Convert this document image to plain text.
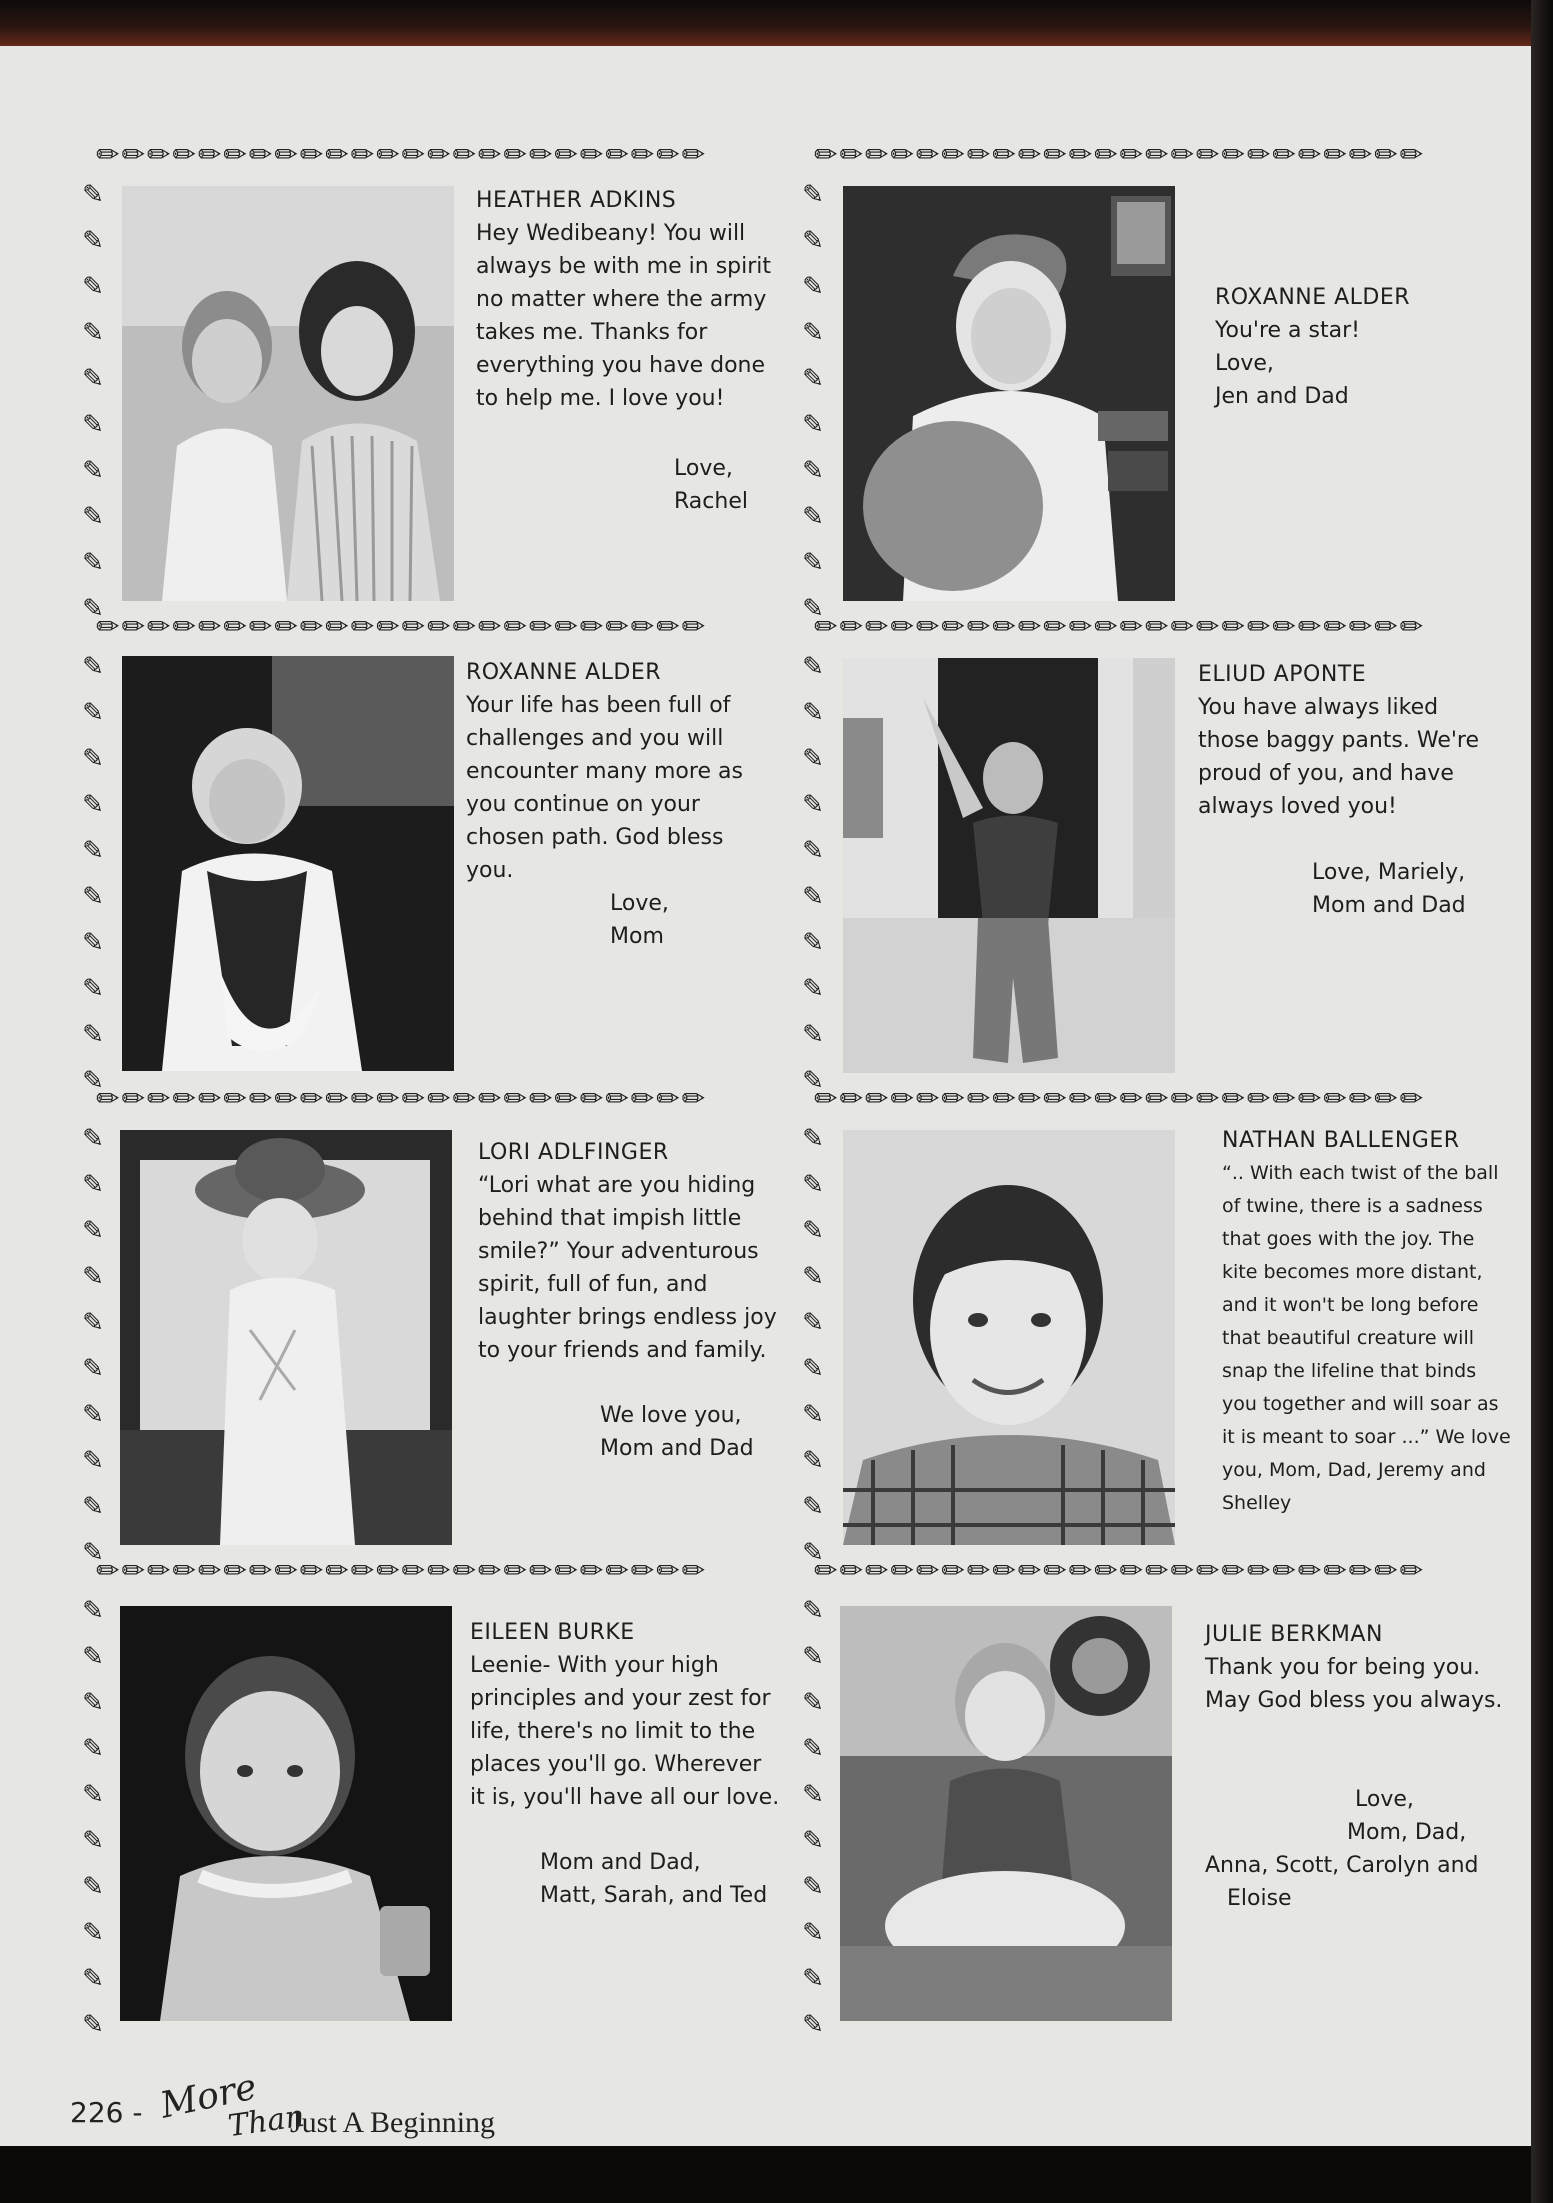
✏✏✏✏✏✏✏✏✏✏✏✏✏✏✏✏✏✏✏✏✏✏✏✏
✎
✎
✎
✎
✎
✎
✎
✎
✎
✎
HEATHER ADKINS
Hey Wedibeany! You will
always be with me in spirit
no matter where the army
takes me. Thanks for
everything you have done
to help me. I love you!
Love,
Rachel
✎
✎
✎
✎
✎
✎
✎
✎
✎
✎
✏✏✏✏✏✏✏✏✏✏✏✏✏✏✏✏✏✏✏✏✏✏✏✏
ROXANNE ALDER
You're a star!
Love,
Jen and Dad
✏✏✏✏✏✏✏✏✏✏✏✏✏✏✏✏✏✏✏✏✏✏✏✏
✎
✎
✎
✎
✎
✎
✎
✎
✎
✎
ROXANNE ALDER
Your life has been full of
challenges and you will
encounter many more as
you continue on your
chosen path. God bless
you.
Love,
Mom
✎
✎
✎
✎
✎
✎
✎
✎
✎
✎
✏✏✏✏✏✏✏✏✏✏✏✏✏✏✏✏✏✏✏✏✏✏✏✏
ELIUD APONTE
You have always liked
those baggy pants. We're
proud of you, and have
always loved you!
Love, Mariely,
Mom and Dad
✏✏✏✏✏✏✏✏✏✏✏✏✏✏✏✏✏✏✏✏✏✏✏✏
✎
✎
✎
✎
✎
✎
✎
✎
✎
✎
LORI ADLFINGER
“Lori what are you hiding
behind that impish little
smile?” Your adventurous
spirit, full of fun, and
laughter brings endless joy
to your friends and family.
We love you,
Mom and Dad
✎
✎
✎
✎
✎
✎
✎
✎
✎
✎
✏✏✏✏✏✏✏✏✏✏✏✏✏✏✏✏✏✏✏✏✏✏✏✏
NATHAN BALLENGER
“.. With each twist of the ball
of twine, there is a sadness
that goes with the joy. The
kite becomes more distant,
and it won't be long before
that beautiful creature will
snap the lifeline that binds
you together and will soar as
it is meant to soar ...” We love
you, Mom, Dad, Jeremy and
Shelley
✏✏✏✏✏✏✏✏✏✏✏✏✏✏✏✏✏✏✏✏✏✏✏✏
✎
✎
✎
✎
✎
✎
✎
✎
✎
✎
EILEEN BURKE
Leenie- With your high
principles and your zest for
life, there's no limit to the
places you'll go. Wherever
it is, you'll have all our love.
Mom and Dad,
Matt, Sarah, and Ted
✎
✎
✎
✎
✎
✎
✎
✎
✎
✎
✏✏✏✏✏✏✏✏✏✏✏✏✏✏✏✏✏✏✏✏✏✏✏✏
JULIE BERKMAN
Thank you for being you.
May God bless you always.
Love,
Mom, Dad,
Anna, Scott, Carolyn and
Eloise
226 - More
Than
Just A Beginning
